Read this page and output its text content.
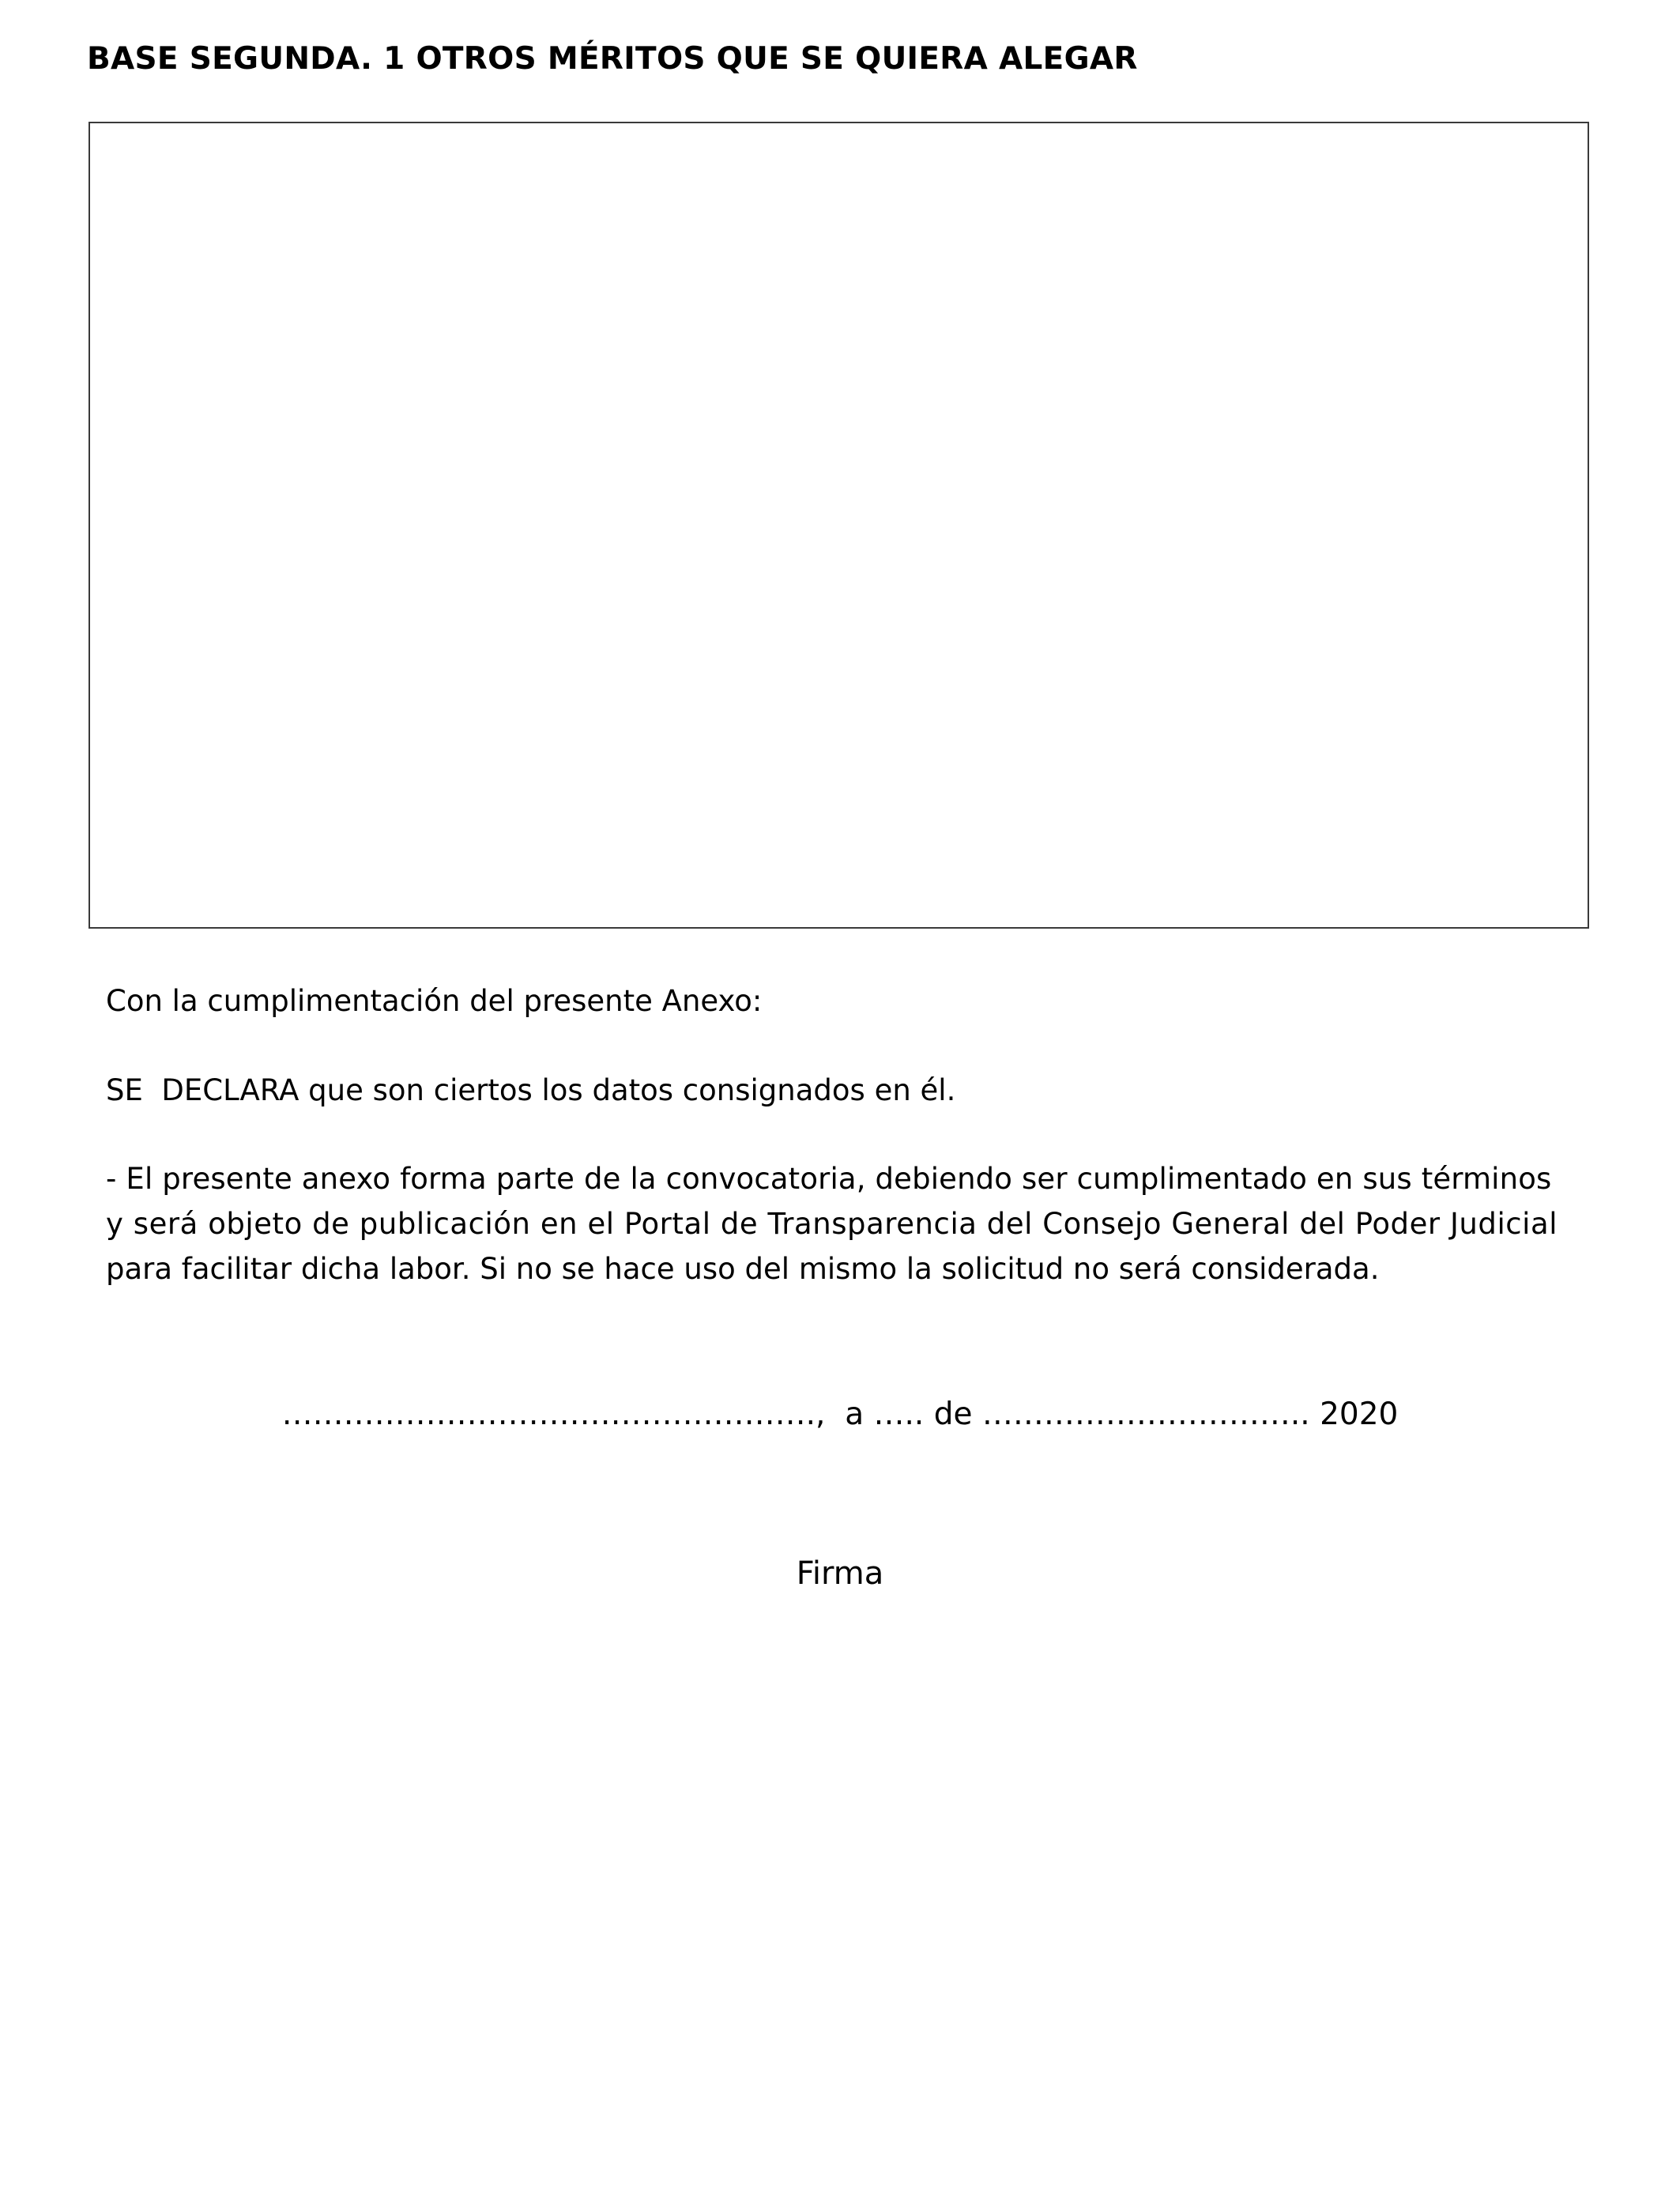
BASE SEGUNDA. 1 OTROS MÉRITOS QUE SE QUIERA ALEGAR

Con la cumplimentación del presente Anexo:

SE  DECLARA que son ciertos los datos consignados en él.

- El presente anexo forma parte de la convocatoria, debiendo ser cumplimentado en sus términos

y será objeto de publicación en el Portal de Transparencia del Consejo General del Poder Judicial

para facilitar dicha labor. Si no se hace uso del mismo la solicitud no será considerada.

…………………………………………….,  a ….. de ………………………….. 2020

Firma
